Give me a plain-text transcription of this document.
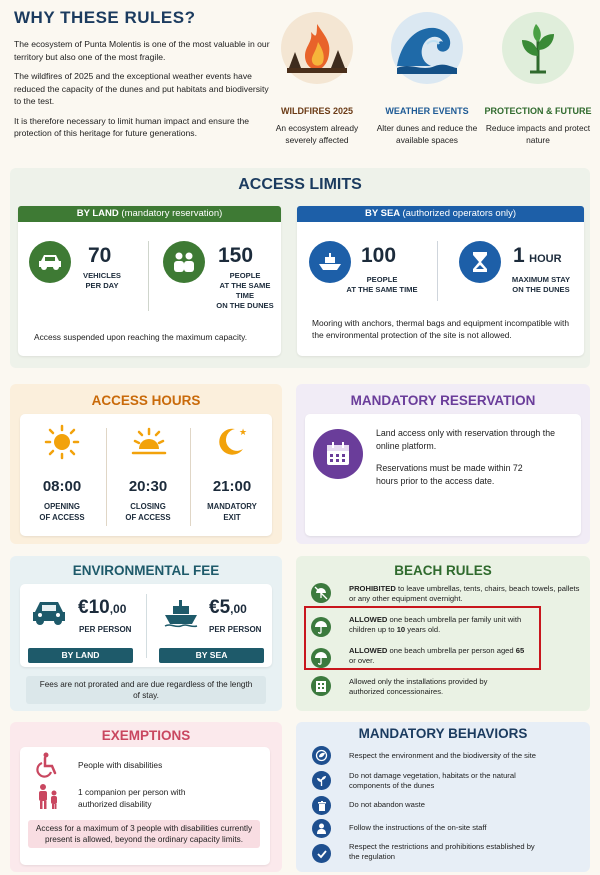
WHY THESE RULES?

The ecosystem of Punta Molentis is one of the most valuable in our territory but also one of the most fragile.

The wildfires of 2025 and the exceptional weather events have reduced the capacity of the dunes and put habitats and biodiversity to the test.

It is therefore necessary to limit human impact and ensure the protection of this heritage for future generations.

WILDFIRES 2025
An ecosystem already severely affected
WEATHER EVENTS
Alter dunes and reduce the available spaces
PROTECTION & FUTURE
Reduce impacts and protect nature
ACCESS LIMITS
BY LAND (mandatory reservation)
70
VEHICLES
PER DAY
150
PEOPLE
AT THE SAME TIME
ON THE DUNES
Access suspended upon reaching the maximum capacity.
BY SEA (authorized operators only)
100
PEOPLE
AT THE SAME TIME
1 HOUR
MAXIMUM STAY
ON THE DUNES
Mooring with anchors, thermal bags and equipment incompatible with the environmental protection of the site is not allowed.
ACCESS HOURS
★
08:00
OPENING
OF ACCESS
20:30
CLOSING
OF ACCESS
21:00
MANDATORY
EXIT
MANDATORY RESERVATION
Land access only with reservation through the online platform.
Reservations must be made within 72 hours prior to the access date.
ENVIRONMENTAL FEE
€10,00
PER PERSON
BY LAND
€5,00
PER PERSON
BY SEA
Fees are not prorated and are due regardless of the length of stay.
BEACH RULES
PROHIBITED to leave umbrellas, tents, chairs, beach towels, pallets or any other equipment overnight.
ALLOWED one beach umbrella per family unit with children up to 10 years old.
ALLOWED one beach umbrella per person aged 65 or over.
Allowed only the installations provided by authorized concessionaires.
EXEMPTIONS
People with disabilities
1 companion per person with authorized disability
Access for a maximum of 3 people with disabilities currently present is allowed, beyond the ordinary capacity limits.
MANDATORY BEHAVIORS
Respect the environment and the biodiversity of the site
Do not damage vegetation, habitats or the natural components of the dunes
Do not abandon waste
Follow the instructions of the on-site staff
Respect the restrictions and prohibitions established by the regulation
